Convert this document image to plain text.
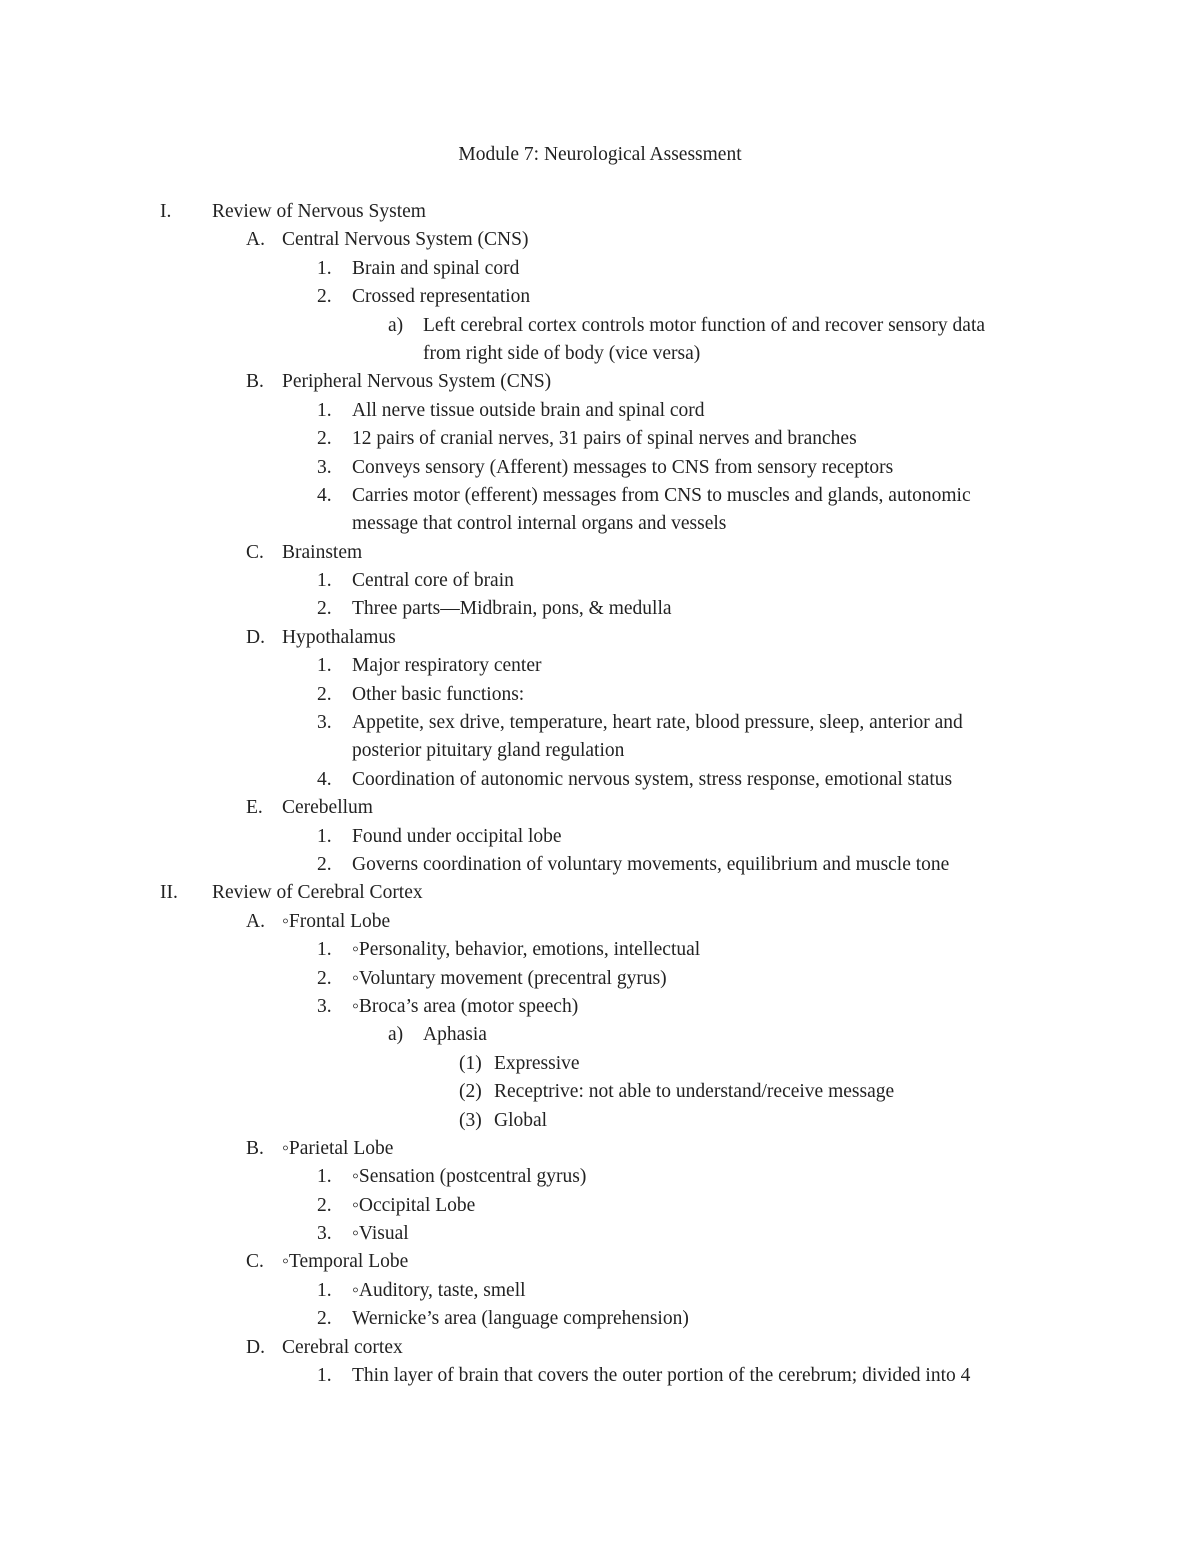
Module 7: Neurological Assessment
I.	Review of Nervous System
A. Central Nervous System (CNS)
1. Brain and spinal cord
2. Crossed representation
a) Left cerebral cortex controls motor function of and recover sensory data
from right side of body (vice versa)
B. Peripheral Nervous System (CNS)
1. All nerve tissue outside brain and spinal cord
2. 12 pairs of cranial nerves, 31 pairs of spinal nerves and branches
3. Conveys sensory (Afferent) messages to CNS from sensory receptors
4. Carries motor (efferent) messages from CNS to muscles and glands, autonomic
message that control internal organs and vessels
C. Brainstem
1. Central core of brain
2. Three parts—Midbrain, pons, & medulla
D. Hypothalamus
1. Major respiratory center
2. Other basic functions:
3. Appetite, sex drive, temperature, heart rate, blood pressure, sleep, anterior and
posterior pituitary gland regulation
4. Coordination of autonomic nervous system, stress response, emotional status
E. Cerebellum
1. Found under occipital lobe
2. Governs coordination of voluntary movements, equilibrium and muscle tone
II.	Review of Cerebral Cortex
A. ◦Frontal Lobe
1. ◦Personality, behavior, emotions, intellectual
2. ◦Voluntary movement (precentral gyrus)
3. ◦Broca’s area (motor speech)
a) Aphasia
(1) Expressive
(2) Receptrive: not able to understand/receive message
(3) Global
B. ◦Parietal Lobe
1. ◦Sensation (postcentral gyrus)
2. ◦Occipital Lobe
3. ◦Visual
C. ◦Temporal Lobe
1. ◦Auditory, taste, smell
2. Wernicke’s area (language comprehension)
D. Cerebral cortex
1. Thin layer of brain that covers the outer portion of the cerebrum; divided into 4
